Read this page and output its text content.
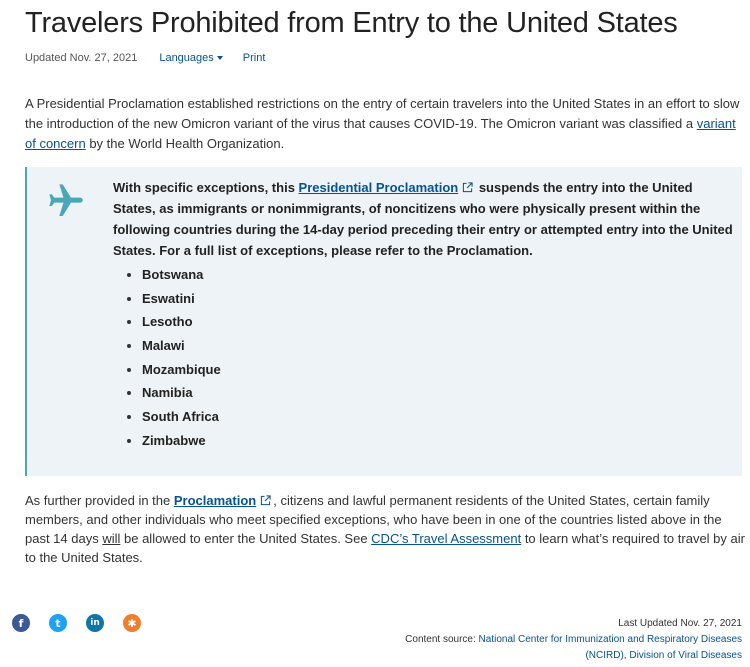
Travelers Prohibited from Entry to the United States
Updated Nov. 27, 2021 Languages	Print

A Presidential Proclamation established restrictions on the entry of certain travelers into the United States in an effort to slow the introduction of the new Omicron variant of the virus that causes COVID-19. The Omicron variant was classified a variant of concern by the World Health Organization.

With specific exceptions, this Presidential Proclamation suspends the entry into the United States, as immigrants or nonimmigrants, of noncitizens who were physically present within the following countries during the 14-day period preceding their entry or attempted entry into the United States. For a full list of exceptions, please refer to the Proclamation.

Botswana
Eswatini
Lesotho
Malawi
Mozambique
Namibia
South Africa
Zimbabwe

As further provided in the Proclamation , citizens and lawful permanent residents of the United States, certain family members, and other individuals who meet specified exceptions, who have been in one of the countries listed above in the past 14 days will be allowed to enter the United States. See CDC’s Travel Assessment to learn what’s required to travel by air to the United States.

f	t	in	✱	Last Updated Nov. 27, 2021
Content source: National Center for Immunization and Respiratory Diseases
(NCIRD), Division of Viral Diseases
